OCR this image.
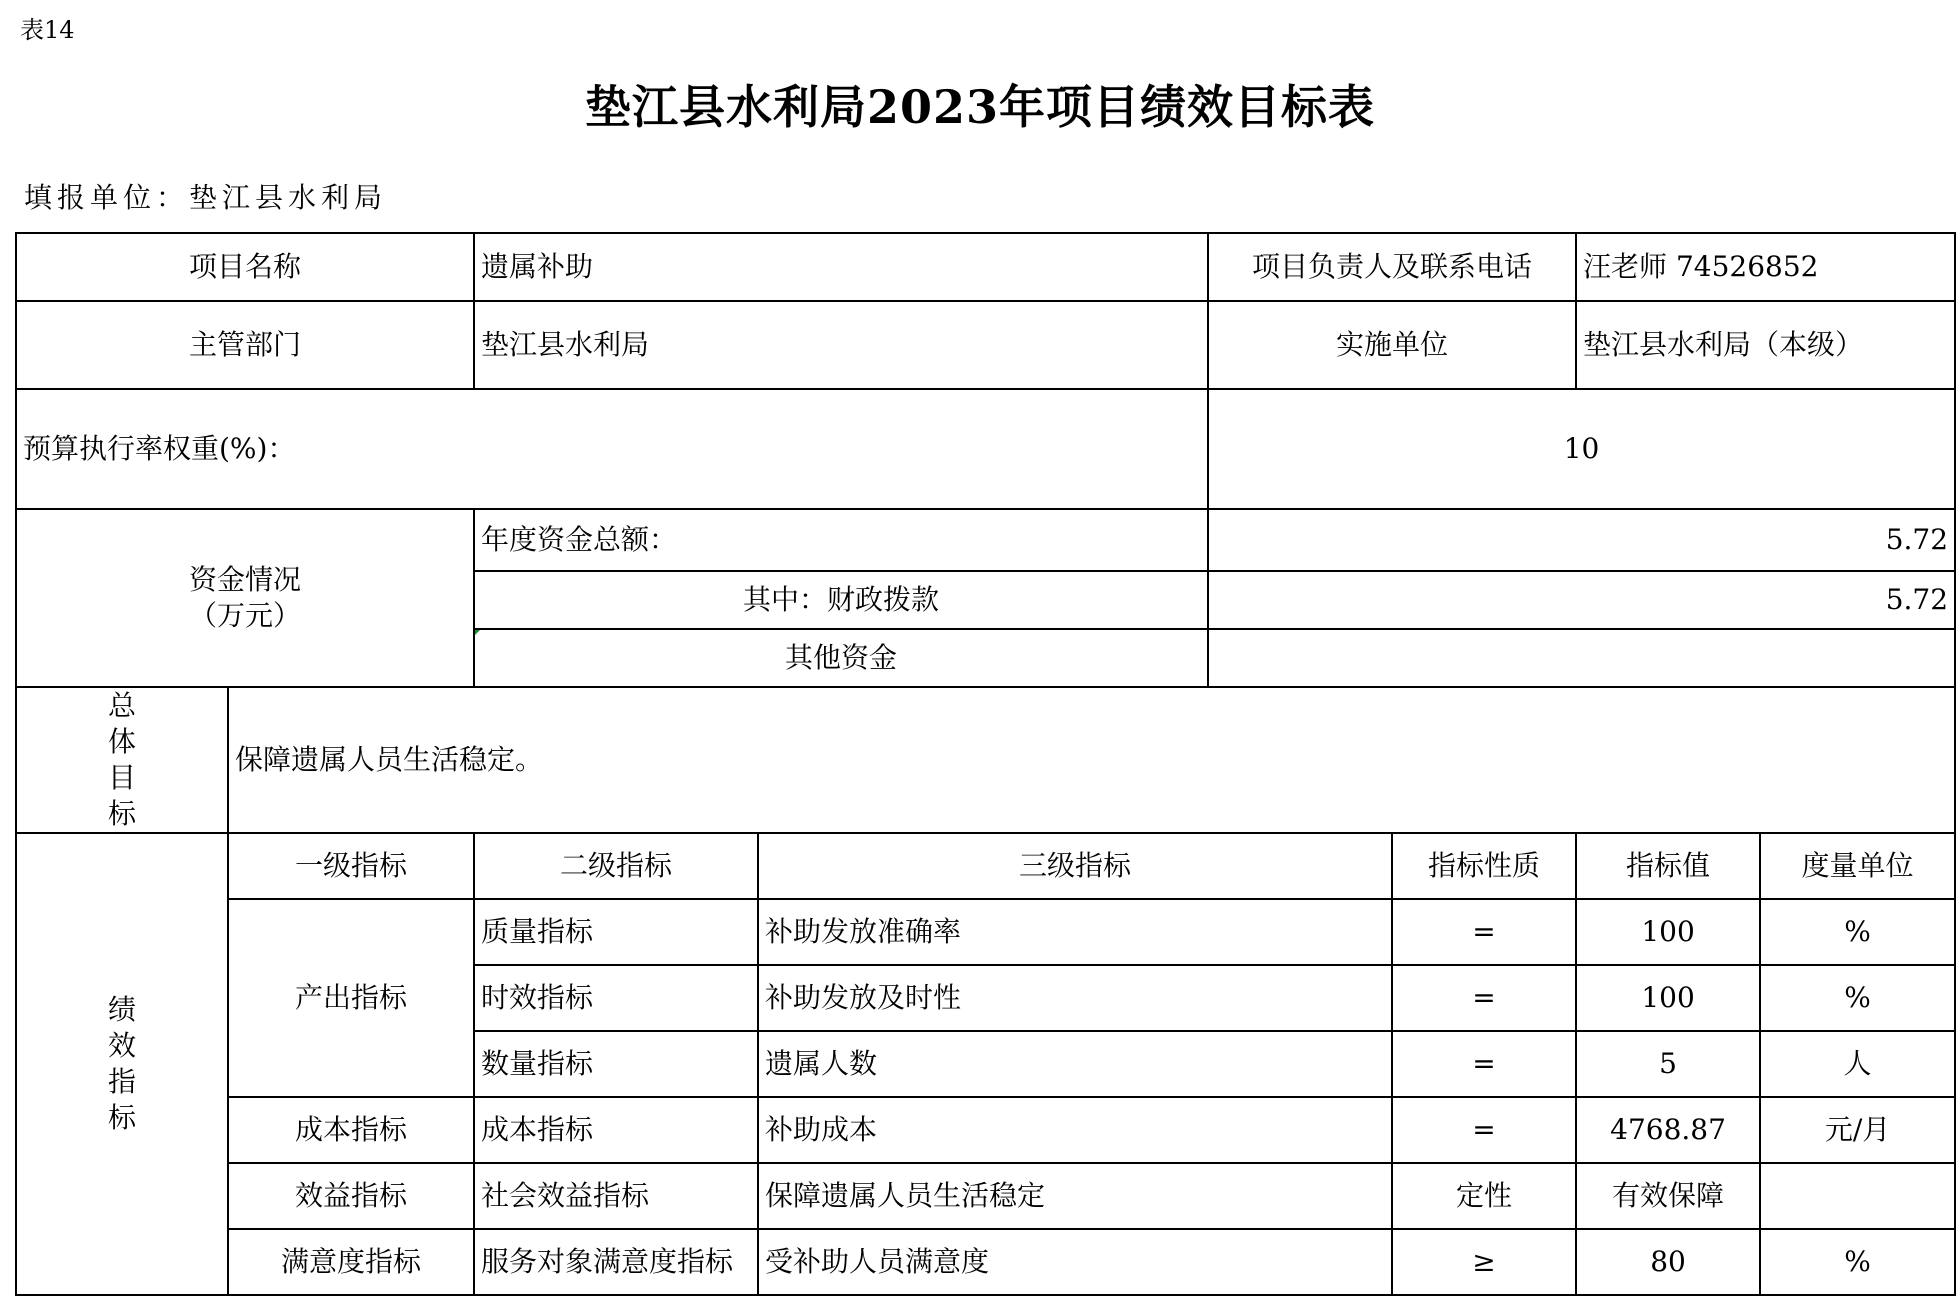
表14
垫江县水利局2023年项目绩效目标表
填报单位：垫江县水利局
项目名称		遗属补助		项目负责人及联系电话		汪老师 74526852		
主管部门		垫江县水利局		实施单位		垫江县水利局（本级）		
预算执行率权重(%)：				10				

资金情况
（万元）		年度资金总额：		5.72				
		其中：财政拨款		5.72				
		其他资金						

总
体
目
标	保障遗属人员生活稳定。							

绩
效
指
标	一级指标	二级指标	三级指标		指标性质	指标值	度量单位	
	产出指标	质量指标	补助发放准确率		=	100	%	
		时效指标	补助发放及时性		=	100	%	
		数量指标	遗属人数		=	5	人	
	成本指标	成本指标	补助成本		=	4768.87	元/月	
	效益指标	社会效益指标	保障遗属人员生活稳定		定性	有效保障		
	满意度指标	服务对象满意度指标	受补助人员满意度		≥	80	%	
